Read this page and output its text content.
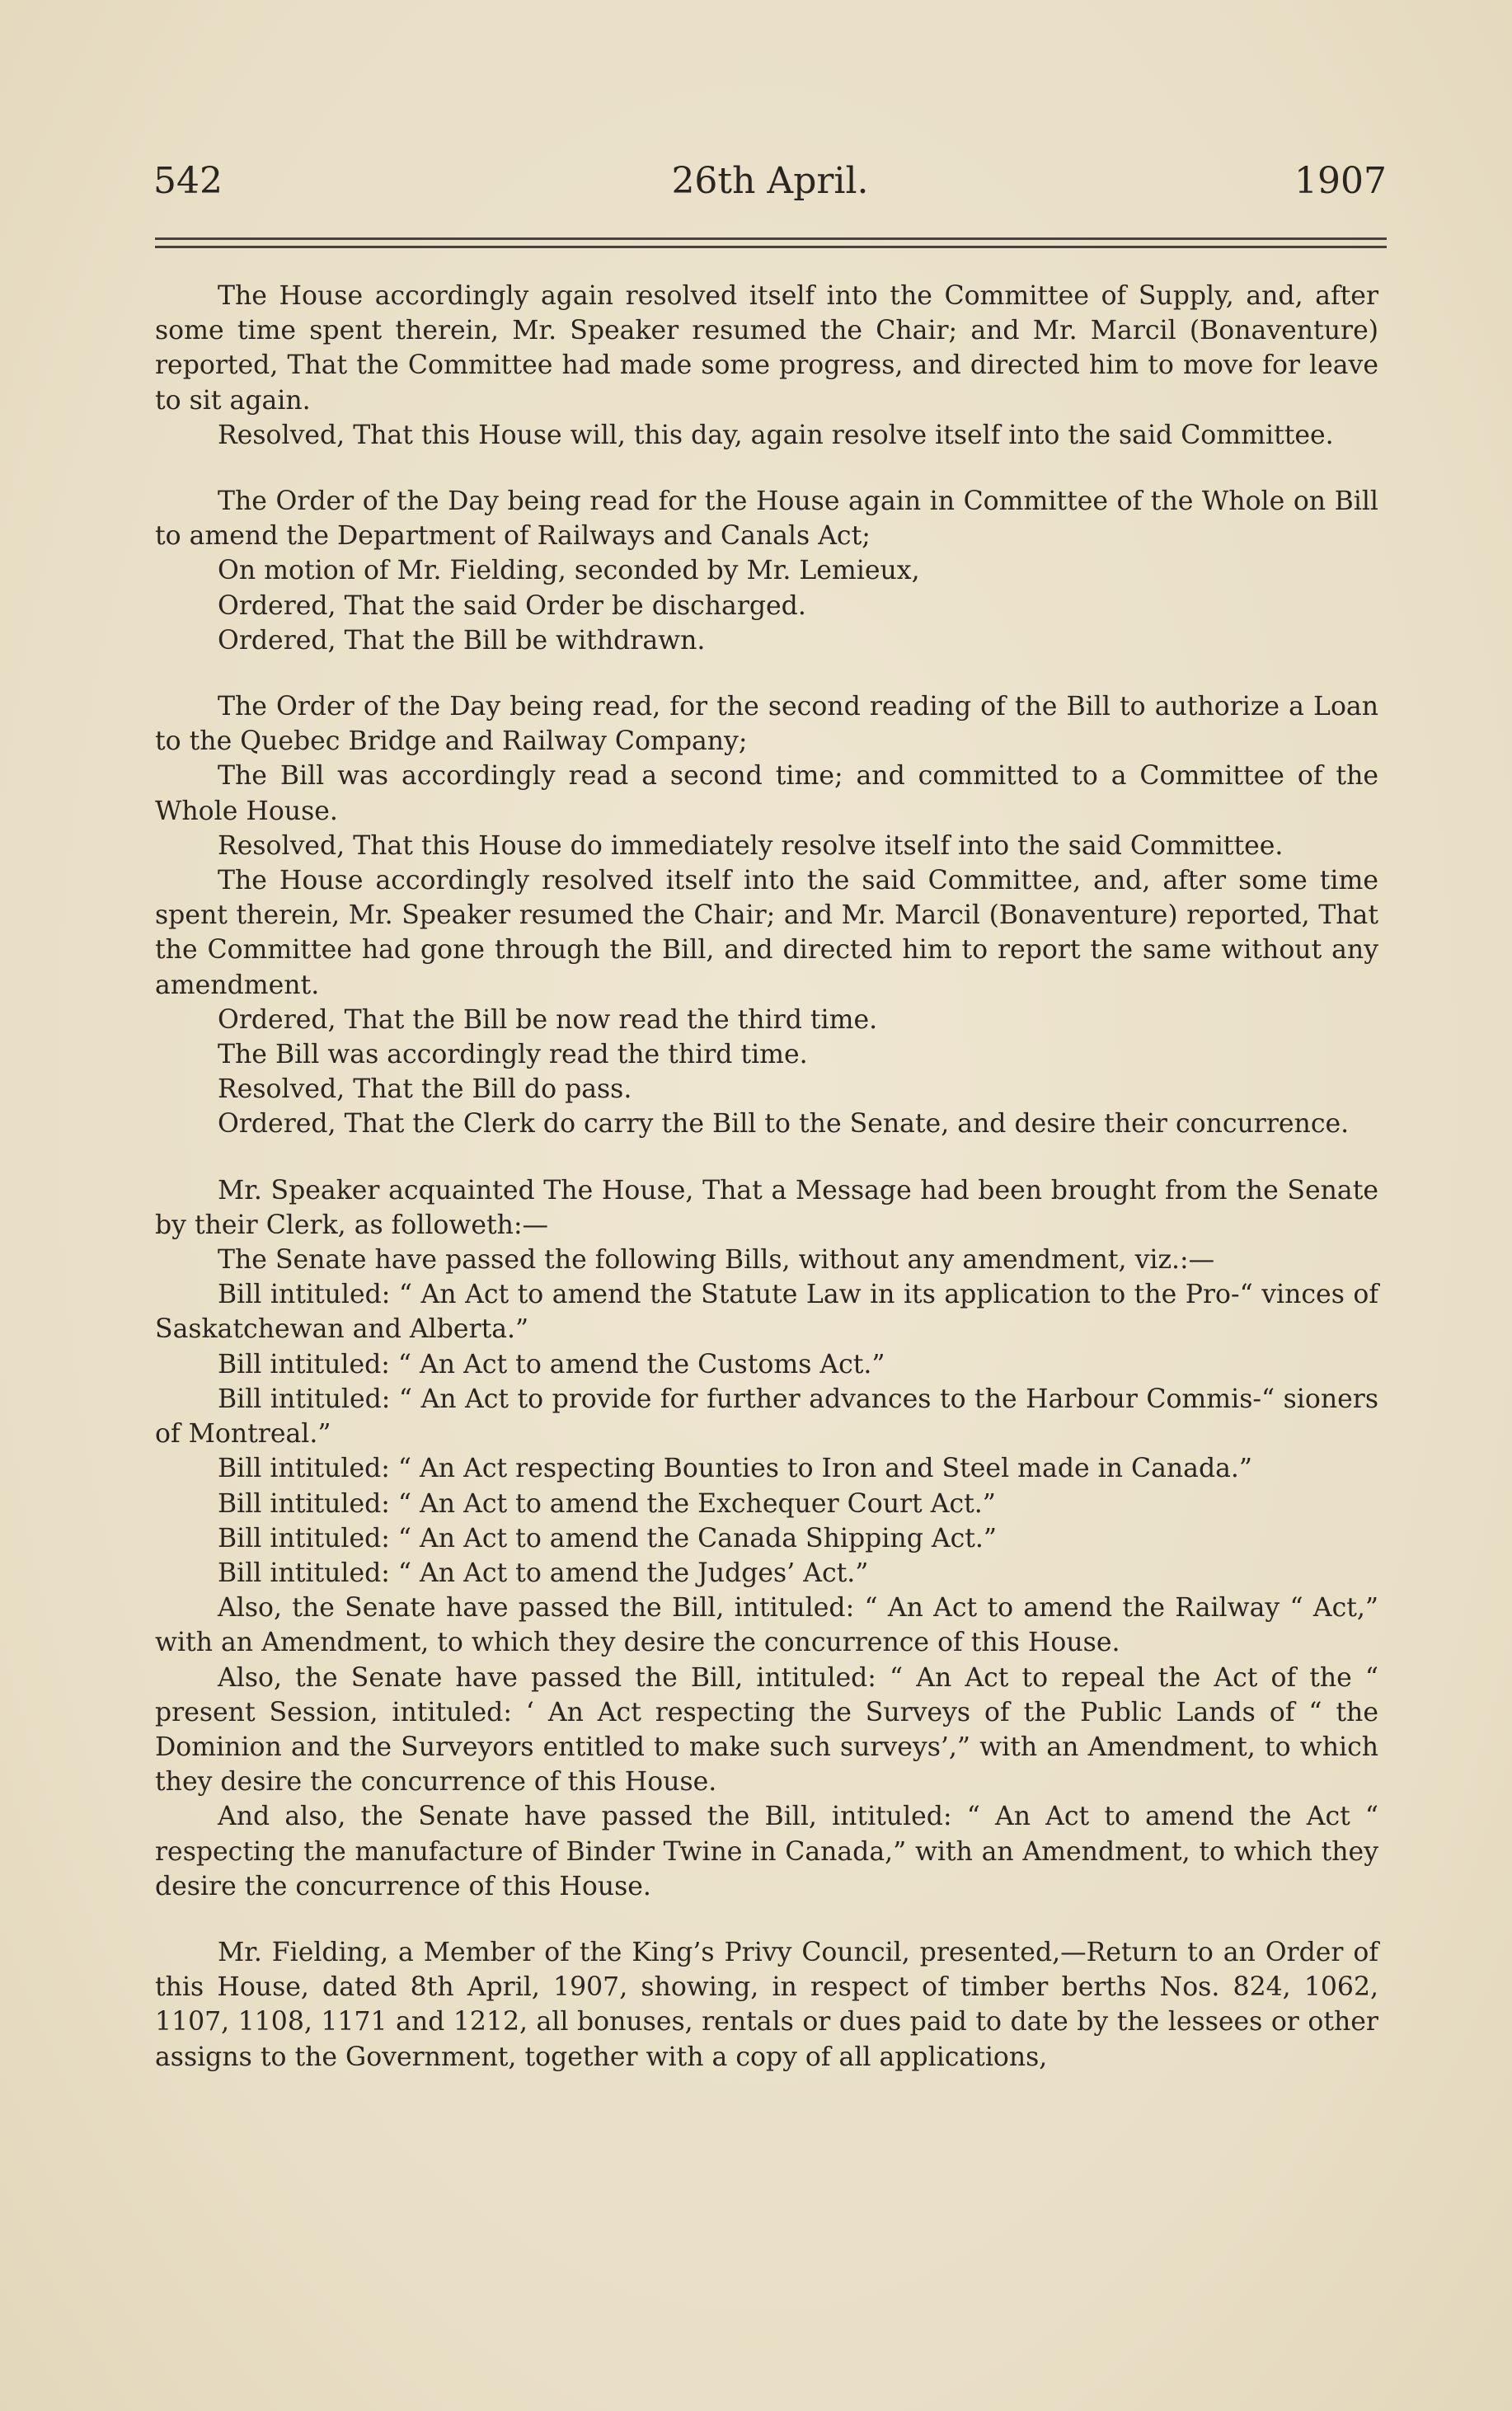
542	26th April.	1907

The House accordingly again resolved itself into the Committee of Supply, and, after some time spent therein, Mr. Speaker resumed the Chair; and Mr. Marcil (Bonaventure) reported, That the Committee had made some progress, and directed him to move for leave to sit again.

Resolved, That this House will, this day, again resolve itself into the said Committee.

The Order of the Day being read for the House again in Committee of the Whole on Bill to amend the Department of Railways and Canals Act;

On motion of Mr. Fielding, seconded by Mr. Lemieux,

Ordered, That the said Order be discharged.

Ordered, That the Bill be withdrawn.

The Order of the Day being read, for the second reading of the Bill to authorize a Loan to the Quebec Bridge and Railway Company;

The Bill was accordingly read a second time; and committed to a Committee of the Whole House.

Resolved, That this House do immediately resolve itself into the said Committee.

The House accordingly resolved itself into the said Committee, and, after some time spent therein, Mr. Speaker resumed the Chair; and Mr. Marcil (Bonaventure) reported, That the Committee had gone through the Bill, and directed him to report the same without any amendment.

Ordered, That the Bill be now read the third time.

The Bill was accordingly read the third time.

Resolved, That the Bill do pass.

Ordered, That the Clerk do carry the Bill to the Senate, and desire their concurrence.

Mr. Speaker acquainted The House, That a Message had been brought from the Senate by their Clerk, as followeth:—

The Senate have passed the following Bills, without any amendment, viz.:—

Bill intituled: “ An Act to amend the Statute Law in its application to the Pro-“ vinces of Saskatchewan and Alberta.”

Bill intituled: “ An Act to amend the Customs Act.”

Bill intituled: “ An Act to provide for further advances to the Harbour Commis-“ sioners of Montreal.”

Bill intituled: “ An Act respecting Bounties to Iron and Steel made in Canada.”

Bill intituled: “ An Act to amend the Exchequer Court Act.”

Bill intituled: “ An Act to amend the Canada Shipping Act.”

Bill intituled: “ An Act to amend the Judges’ Act.”

Also, the Senate have passed the Bill, intituled: “ An Act to amend the Railway “ Act,” with an Amendment, to which they desire the concurrence of this House.

Also, the Senate have passed the Bill, intituled: “ An Act to repeal the Act of the “ present Session, intituled: ‘ An Act respecting the Surveys of the Public Lands of “ the Dominion and the Surveyors entitled to make such surveys’,” with an Amendment, to which they desire the concurrence of this House.

And also, the Senate have passed the Bill, intituled: “ An Act to amend the Act “ respecting the manufacture of Binder Twine in Canada,” with an Amendment, to which they desire the concurrence of this House.

Mr. Fielding, a Member of the King’s Privy Council, presented,—Return to an Order of this House, dated 8th April, 1907, showing, in respect of timber berths Nos. 824, 1062, 1107, 1108, 1171 and 1212, all bonuses, rentals or dues paid to date by the lessees or other assigns to the Government, together with a copy of all applications,
